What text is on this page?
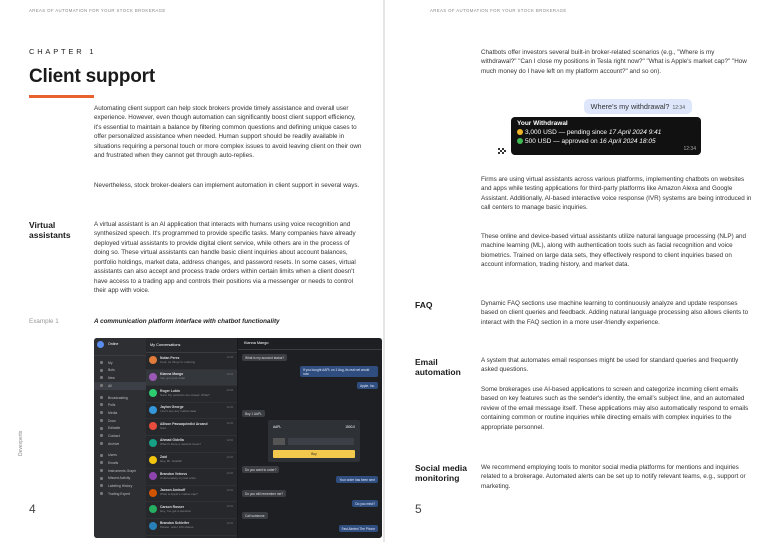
AREAS OF AUTOMATION FOR YOUR STOCK BROKERAGE
CHAPTER 1
Client support

Automating client support can help stock brokers provide timely assistance and overall user experience. However, even though automation can significantly boost client support efficiency, it's essential to maintain a balance by filtering common questions and defining unique cases to offer personalized assistance when needed. Human support should be readily available in situations requiring a personal touch or more complex issues to avoid leaving client on their own and frustrated when they cannot get through auto-replies.

Nevertheless, stock broker-dealers can implement automation in client support in several ways.

Virtual assistants

A virtual assistant is an AI application that interacts with humans using voice recognition and synthesized speech. It's programmed to provide specific tasks. Many companies have already deployed virtual assistants to provide digital client service, while others are in the process of doing so. These virtual assistants can handle basic client inquiries about account balances, portfolio holdings, market data, address changes, and password resets. In some cases, virtual assistants can also accept and process trade orders within certain limits when a client doesn't have access to a trading app and controls their positions via a messenger or needs to control their app with voice.

Example 1	A communication platform interface with chatbot functionality
Online
My
Bots
New
All
Broadcasting
Polls
Media
Docs
Editable
Contact
Archive
Users
Emails
Instruments Graph
Missed Activity
Labeling History
Trading Expert
My Conversations
Nolan Perez
Cool, no thing I'm ordering
12:34
Kianna Mango
Yes, got your order
12:34
Roger Lubin
Sure! My positions are closed. What?
12:34
Jaylon George
I don't see any market data
12:34
Allison Passaquindici Arcand
Sure
12:34
Ahmad Gidella
When's there a network issue?
12:34
Zaid
Hey, Mr. Gidella!
12:34
Brandon Vetrovs
Unfortunately my last order
12:34
Jaxson Aminoff
What is Apple's market cap?
12:34
Carson Rosser
Hey, I've got a question
12:34
Brandon Schleifer
Please, order 100 shares
12:34
Kianna Mango
What is my account status?
If you bought AAPL on 1 Aug, its real net would now
Apple, Inc.
Buy 1 AAPL
AAPL	1500.0
Buy
Do you want to order?
Your order has been sent
Do you still remember me?
Do you mind?
Call someone
Fast Alerted The Phone
4
Devexperts
AREAS OF AUTOMATION FOR YOUR STOCK BROKERAGE

Chatbots offer investors several built-in broker-related scenarios (e.g., "Where is my withdrawal?" "Can I close my positions in Tesla right now?" "What is Apple's market cap?" "How much money do I have left on my platform account?" and so on).

Where's my withdrawal? 12:34
Your Withdrawal
3,000 USD — pending since 17 April 2024 9:41
500 USD — approved on 16 April 2024 18:05
12:34

Firms are using virtual assistants across various platforms, implementing chatbots on websites and apps while testing applications for third-party platforms like Amazon Alexa and Google Assistant. Additionally, AI-based interactive voice response (IVR) systems are being introduced in call centers to manage basic inquiries.

These online and device-based virtual assistants utilize natural language processing (NLP) and machine learning (ML), along with authentication tools such as facial recognition and voice biometrics. Trained on large data sets, they effectively respond to client inquiries based on account information, trading history, and market data.

FAQ	Dynamic FAQ sections use machine learning to continuously analyze and update responses based on client queries and feedback. Adding natural language processing also allows clients to interact with the FAQ section in a more user-friendly experience.

Email automation

A system that automates email responses might be used for standard queries and frequently asked questions.

Some brokerages use AI-based applications to screen and categorize incoming client emails based on key features such as the sender's identity, the email's subject line, and an automated review of the email message itself. These applications may also automatically respond to emails containing common or routine inquiries while directing emails with complex inquiries to the appropriate personnel.

Social media monitoring

We recommend employing tools to monitor social media platforms for mentions and inquiries related to a brokerage. Automated alerts can be set up to notify relevant teams, e.g., support or marketing.

5
